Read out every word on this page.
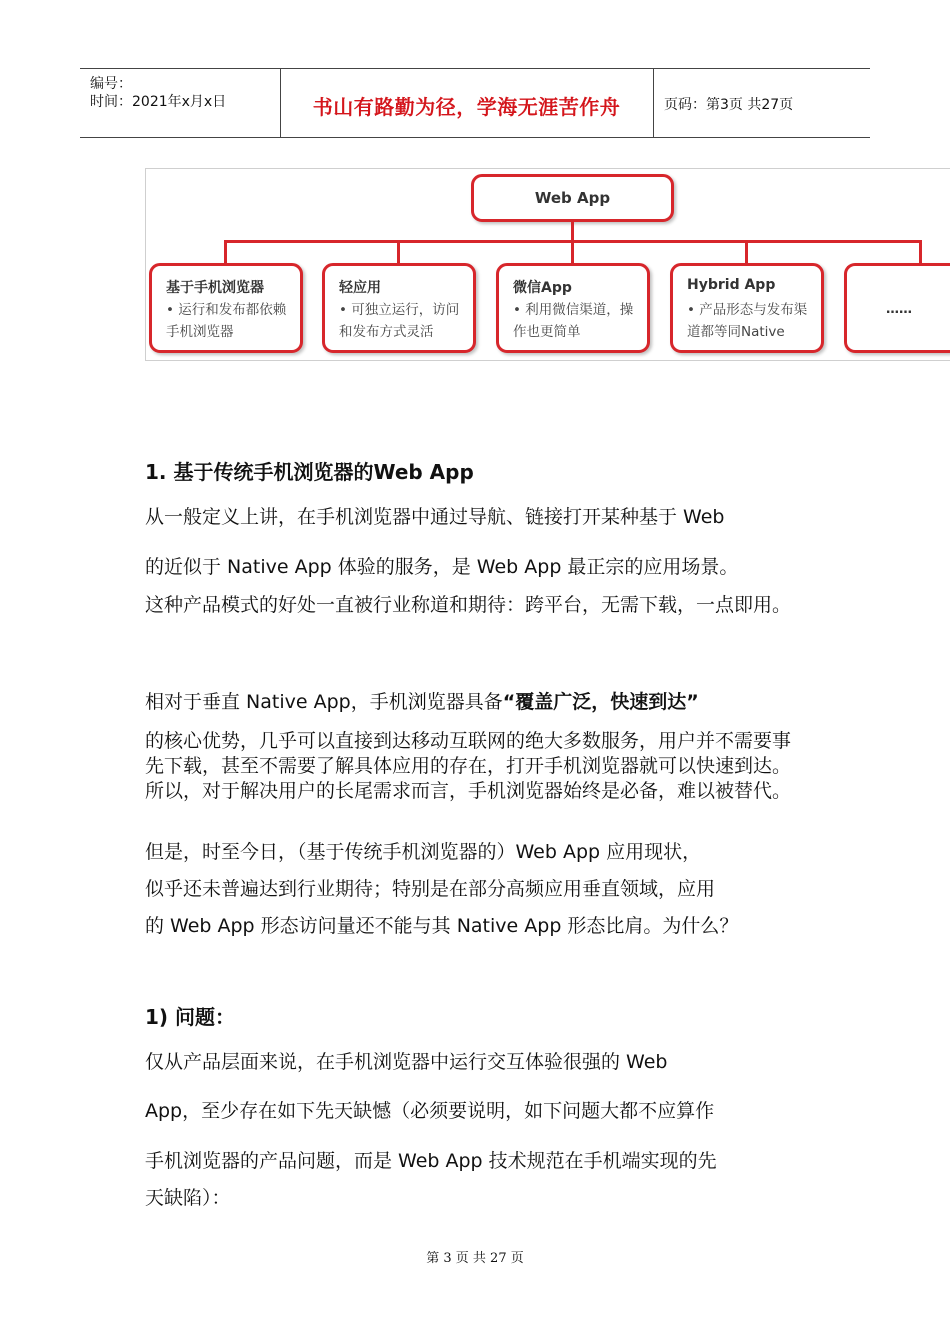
编号：
时间：2021年x月x日	书山有路勤为径，学海无涯苦作舟	页码：第3页 共27页
Web App
基于手机浏览器
• 运行和发布都依赖手机浏览器
轻应用
• 可独立运行，访问和发布方式灵活
微信App
• 利用微信渠道，操作也更简单
Hybrid App
• 产品形态与发布渠道都等同Native
……
1. 基于传统手机浏览器的Web App
从一般定义上讲，在手机浏览器中通过导航、链接打开某种基于 Web
的近似于 Native App 体验的服务，是 Web App 最正宗的应用场景。
这种产品模式的好处一直被行业称道和期待：跨平台，无需下载，一点即用。
相对于垂直 Native App，手机浏览器具备“覆盖广泛，快速到达”
的核心优势，几乎可以直接到达移动互联网的绝大多数服务，用户并不需要事先下载，甚至不需要了解具体应用的存在，打开手机浏览器就可以快速到达。所以，对于解决用户的长尾需求而言，手机浏览器始终是必备，难以被替代。
但是，时至今日，（基于传统手机浏览器的）Web App 应用现状，
似乎还未普遍达到行业期待；特别是在部分高频应用垂直领域，应用
的 Web App 形态访问量还不能与其 Native App 形态比肩。为什么？
1) 问题：
仅从产品层面来说，在手机浏览器中运行交互体验很强的 Web
App，至少存在如下先天缺憾（必须要说明，如下问题大都不应算作
手机浏览器的产品问题，而是 Web App 技术规范在手机端实现的先
天缺陷）：
第 3 页 共 27 页
